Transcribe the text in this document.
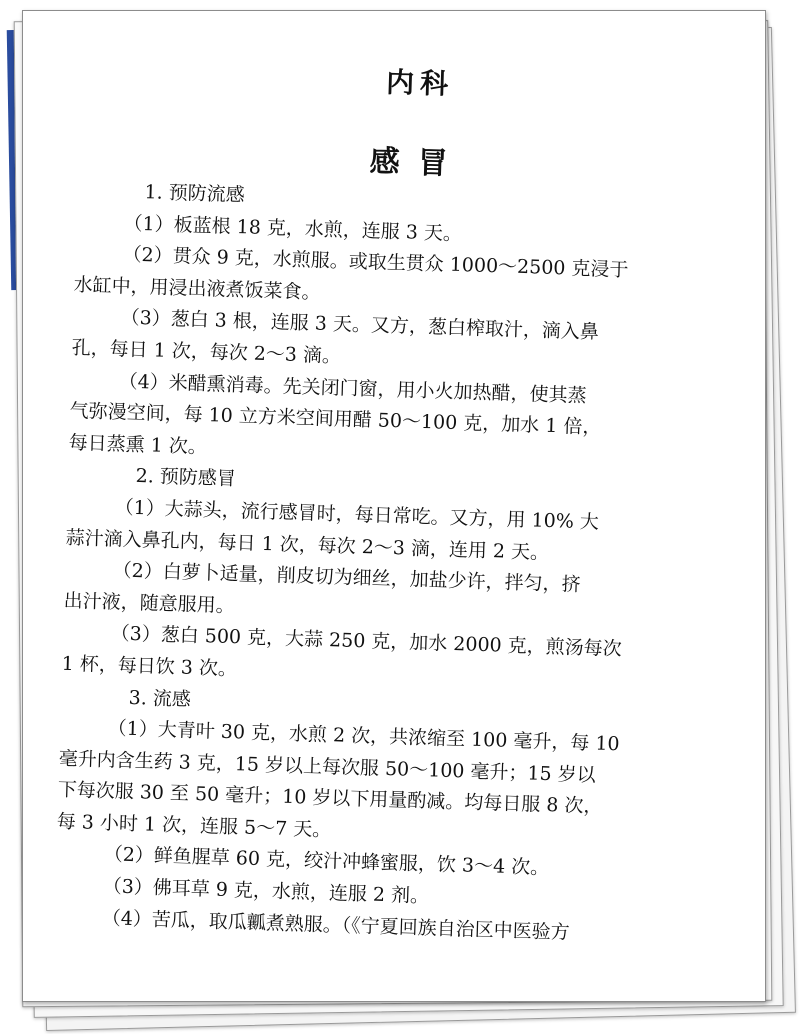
内科
感冒
1. 预防流感
（1）板蓝根 18 克，水煎，连服 3 天。
（2）贯众 9 克，水煎服。或取生贯众 1000～2500 克浸于
水缸中，用浸出液煮饭菜食。
（3）葱白 3 根，连服 3 天。又方，葱白榨取汁，滴入鼻
孔，每日 1 次，每次 2～3 滴。
（4）米醋熏消毒。先关闭门窗，用小火加热醋，使其蒸
气弥漫空间，每 10 立方米空间用醋 50～100 克，加水 1 倍，
每日蒸熏 1 次。
2. 预防感冒
（1）大蒜头，流行感冒时，每日常吃。又方，用 10% 大
蒜汁滴入鼻孔内，每日 1 次，每次 2～3 滴，连用 2 天。
（2）白萝卜适量，削皮切为细丝，加盐少许，拌匀，挤
出汁液，随意服用。
（3）葱白 500 克，大蒜 250 克，加水 2000 克，煎汤每次
1 杯，每日饮 3 次。
3. 流感
（1）大青叶 30 克，水煎 2 次，共浓缩至 100 毫升，每 10
毫升内含生药 3 克，15 岁以上每次服 50～100 毫升；15 岁以
下每次服 30 至 50 毫升；10 岁以下用量酌减。均每日服 8 次，
每 3 小时 1 次，连服 5～7 天。
（2）鲜鱼腥草 60 克，绞汁冲蜂蜜服，饮 3～4 次。
（3）佛耳草 9 克，水煎，连服 2 剂。
（4）苦瓜，取瓜瓤煮熟服。（《宁夏回族自治区中医验方
